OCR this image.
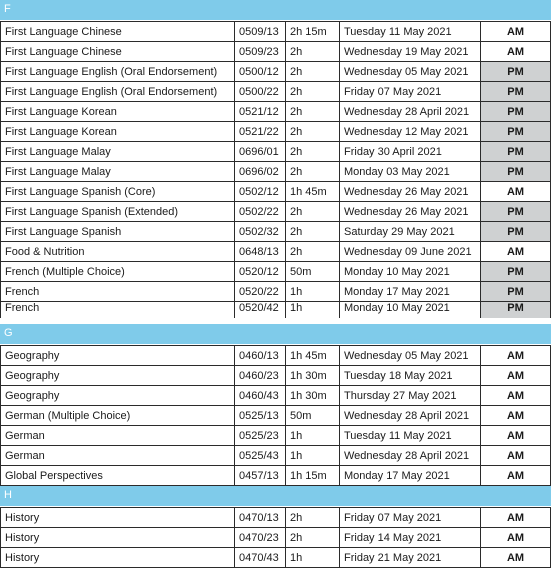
F
First Language Chinese	0509/13	2h 15m	Tuesday 11 May 2021	AM
First Language Chinese	0509/23	2h	Wednesday 19 May 2021	AM
First Language English (Oral Endorsement)	0500/12	2h	Wednesday 05 May 2021	PM
First Language English (Oral Endorsement)	0500/22	2h	Friday 07 May 2021	PM
First Language Korean	0521/12	2h	Wednesday 28 April 2021	PM
First Language Korean	0521/22	2h	Wednesday 12 May 2021	PM
First Language Malay	0696/01	2h	Friday 30 April 2021	PM
First Language Malay	0696/02	2h	Monday 03 May 2021	PM
First Language Spanish (Core)	0502/12	1h 45m	Wednesday 26 May 2021	AM
First Language Spanish (Extended)	0502/22	2h	Wednesday 26 May 2021	PM
First Language Spanish	0502/32	2h	Saturday 29 May 2021	PM
Food & Nutrition	0648/13	2h	Wednesday 09 June 2021	AM
French (Multiple Choice)	0520/12	50m	Monday 10 May 2021	PM
French	0520/22	1h	Monday 17 May 2021	PM
French	0520/42	1h	Monday 10 May 2021	PM
G
Geography	0460/13	1h 45m	Wednesday 05 May 2021	AM
Geography	0460/23	1h 30m	Tuesday 18 May 2021	AM
Geography	0460/43	1h 30m	Thursday 27 May 2021	AM
German (Multiple Choice)	0525/13	50m	Wednesday 28 April 2021	AM
German	0525/23	1h	Tuesday 11 May 2021	AM
German	0525/43	1h	Wednesday 28 April 2021	AM
Global Perspectives	0457/13	1h 15m	Monday 17 May 2021	AM
H
History	0470/13	2h	Friday 07 May 2021	AM
History	0470/23	2h	Friday 14 May 2021	AM
History	0470/43	1h	Friday 21 May 2021	AM
